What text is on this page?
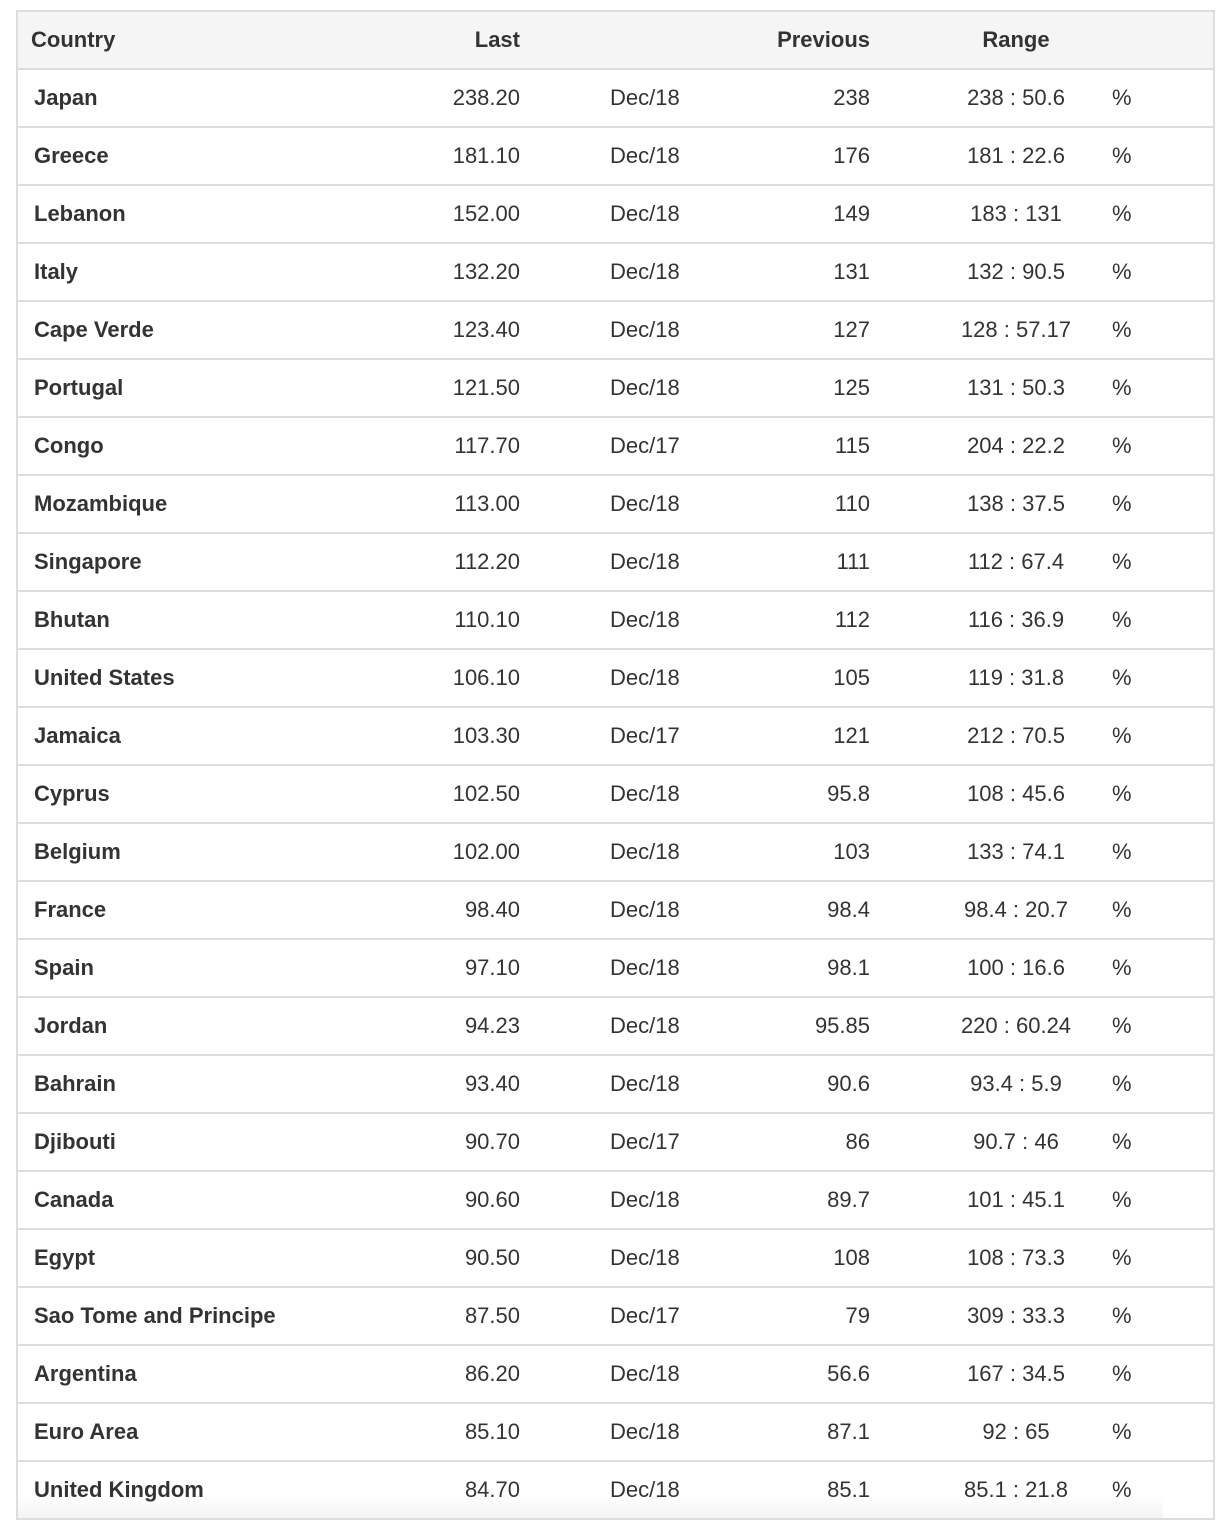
Country	Last		Previous	Range	
Japan	238.20	Dec/18	238	238 : 50.6	%
Greece	181.10	Dec/18	176	181 : 22.6	%
Lebanon	152.00	Dec/18	149	183 : 131	%
Italy	132.20	Dec/18	131	132 : 90.5	%
Cape Verde	123.40	Dec/18	127	128 : 57.17	%
Portugal	121.50	Dec/18	125	131 : 50.3	%
Congo	117.70	Dec/17	115	204 : 22.2	%
Mozambique	113.00	Dec/18	110	138 : 37.5	%
Singapore	112.20	Dec/18	111	112 : 67.4	%
Bhutan	110.10	Dec/18	112	116 : 36.9	%
United States	106.10	Dec/18	105	119 : 31.8	%
Jamaica	103.30	Dec/17	121	212 : 70.5	%
Cyprus	102.50	Dec/18	95.8	108 : 45.6	%
Belgium	102.00	Dec/18	103	133 : 74.1	%
France	98.40	Dec/18	98.4	98.4 : 20.7	%
Spain	97.10	Dec/18	98.1	100 : 16.6	%
Jordan	94.23	Dec/18	95.85	220 : 60.24	%
Bahrain	93.40	Dec/18	90.6	93.4 : 5.9	%
Djibouti	90.70	Dec/17	86	90.7 : 46	%
Canada	90.60	Dec/18	89.7	101 : 45.1	%
Egypt	90.50	Dec/18	108	108 : 73.3	%
Sao Tome and Principe	87.50	Dec/17	79	309 : 33.3	%
Argentina	86.20	Dec/18	56.6	167 : 34.5	%
Euro Area	85.10	Dec/18	87.1	92 : 65	%
United Kingdom	84.70	Dec/18	85.1	85.1 : 21.8	%
